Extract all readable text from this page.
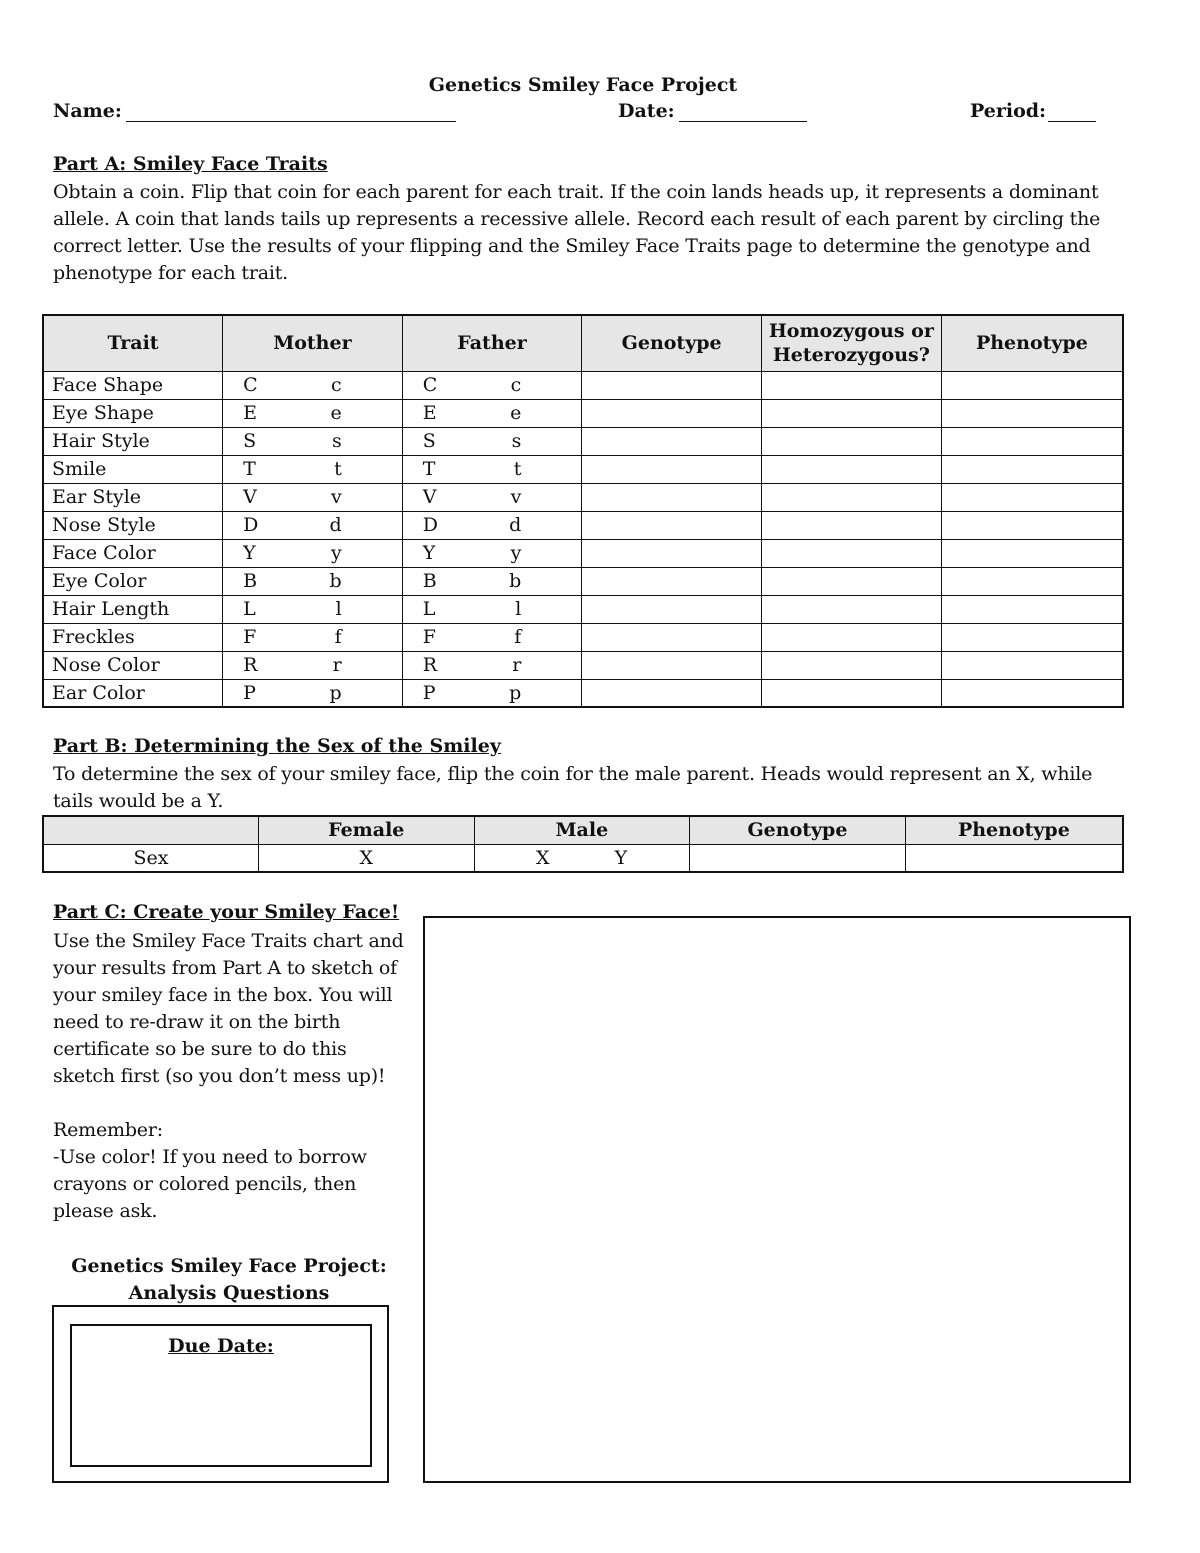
Genetics Smiley Face Project
Name:	Date:	Period:
Part A: Smiley Face Traits
Obtain a coin. Flip that coin for each parent for each trait. If the coin lands heads up, it represents a dominant
allele. A coin that lands tails up represents a recessive allele. Record each result of each parent by circling the
correct letter. Use the results of your flipping and the Smiley Face Traits page to determine the genotype and
phenotype for each trait.
Trait	Mother	Father	Genotype	Homozygous or Heterozygous?	Phenotype
Face Shape	C c	C c			

Eye Shape	E e	E e			

Hair Style	S s	S s			

Smile	T t	T t			

Ear Style	V v	V v			

Nose Style	D d	D d			

Face Color	Y y	Y y			

Eye Color	B b	B b			

Hair Length	L l	L l			

Freckles	F f	F f			

Nose Color	R r	R r			

Ear Color	P p	P p			

Part B: Determining the Sex of the Smiley
To determine the sex of your smiley face, flip the coin for the male parent. Heads would represent an X, while
tails would be a Y.
	Female	Male	Genotype	Phenotype
Sex	X	X Y		
Part C: Create your Smiley Face!
Use the Smiley Face Traits chart and
your results from Part A to sketch of
your smiley face in the box. You will
need to re-draw it on the birth
certificate so be sure to do this
sketch first (so you don’t mess up)!
Remember:
-Use color! If you need to borrow
crayons or colored pencils, then
please ask.
Genetics Smiley Face Project:
Analysis Questions
Due Date:
